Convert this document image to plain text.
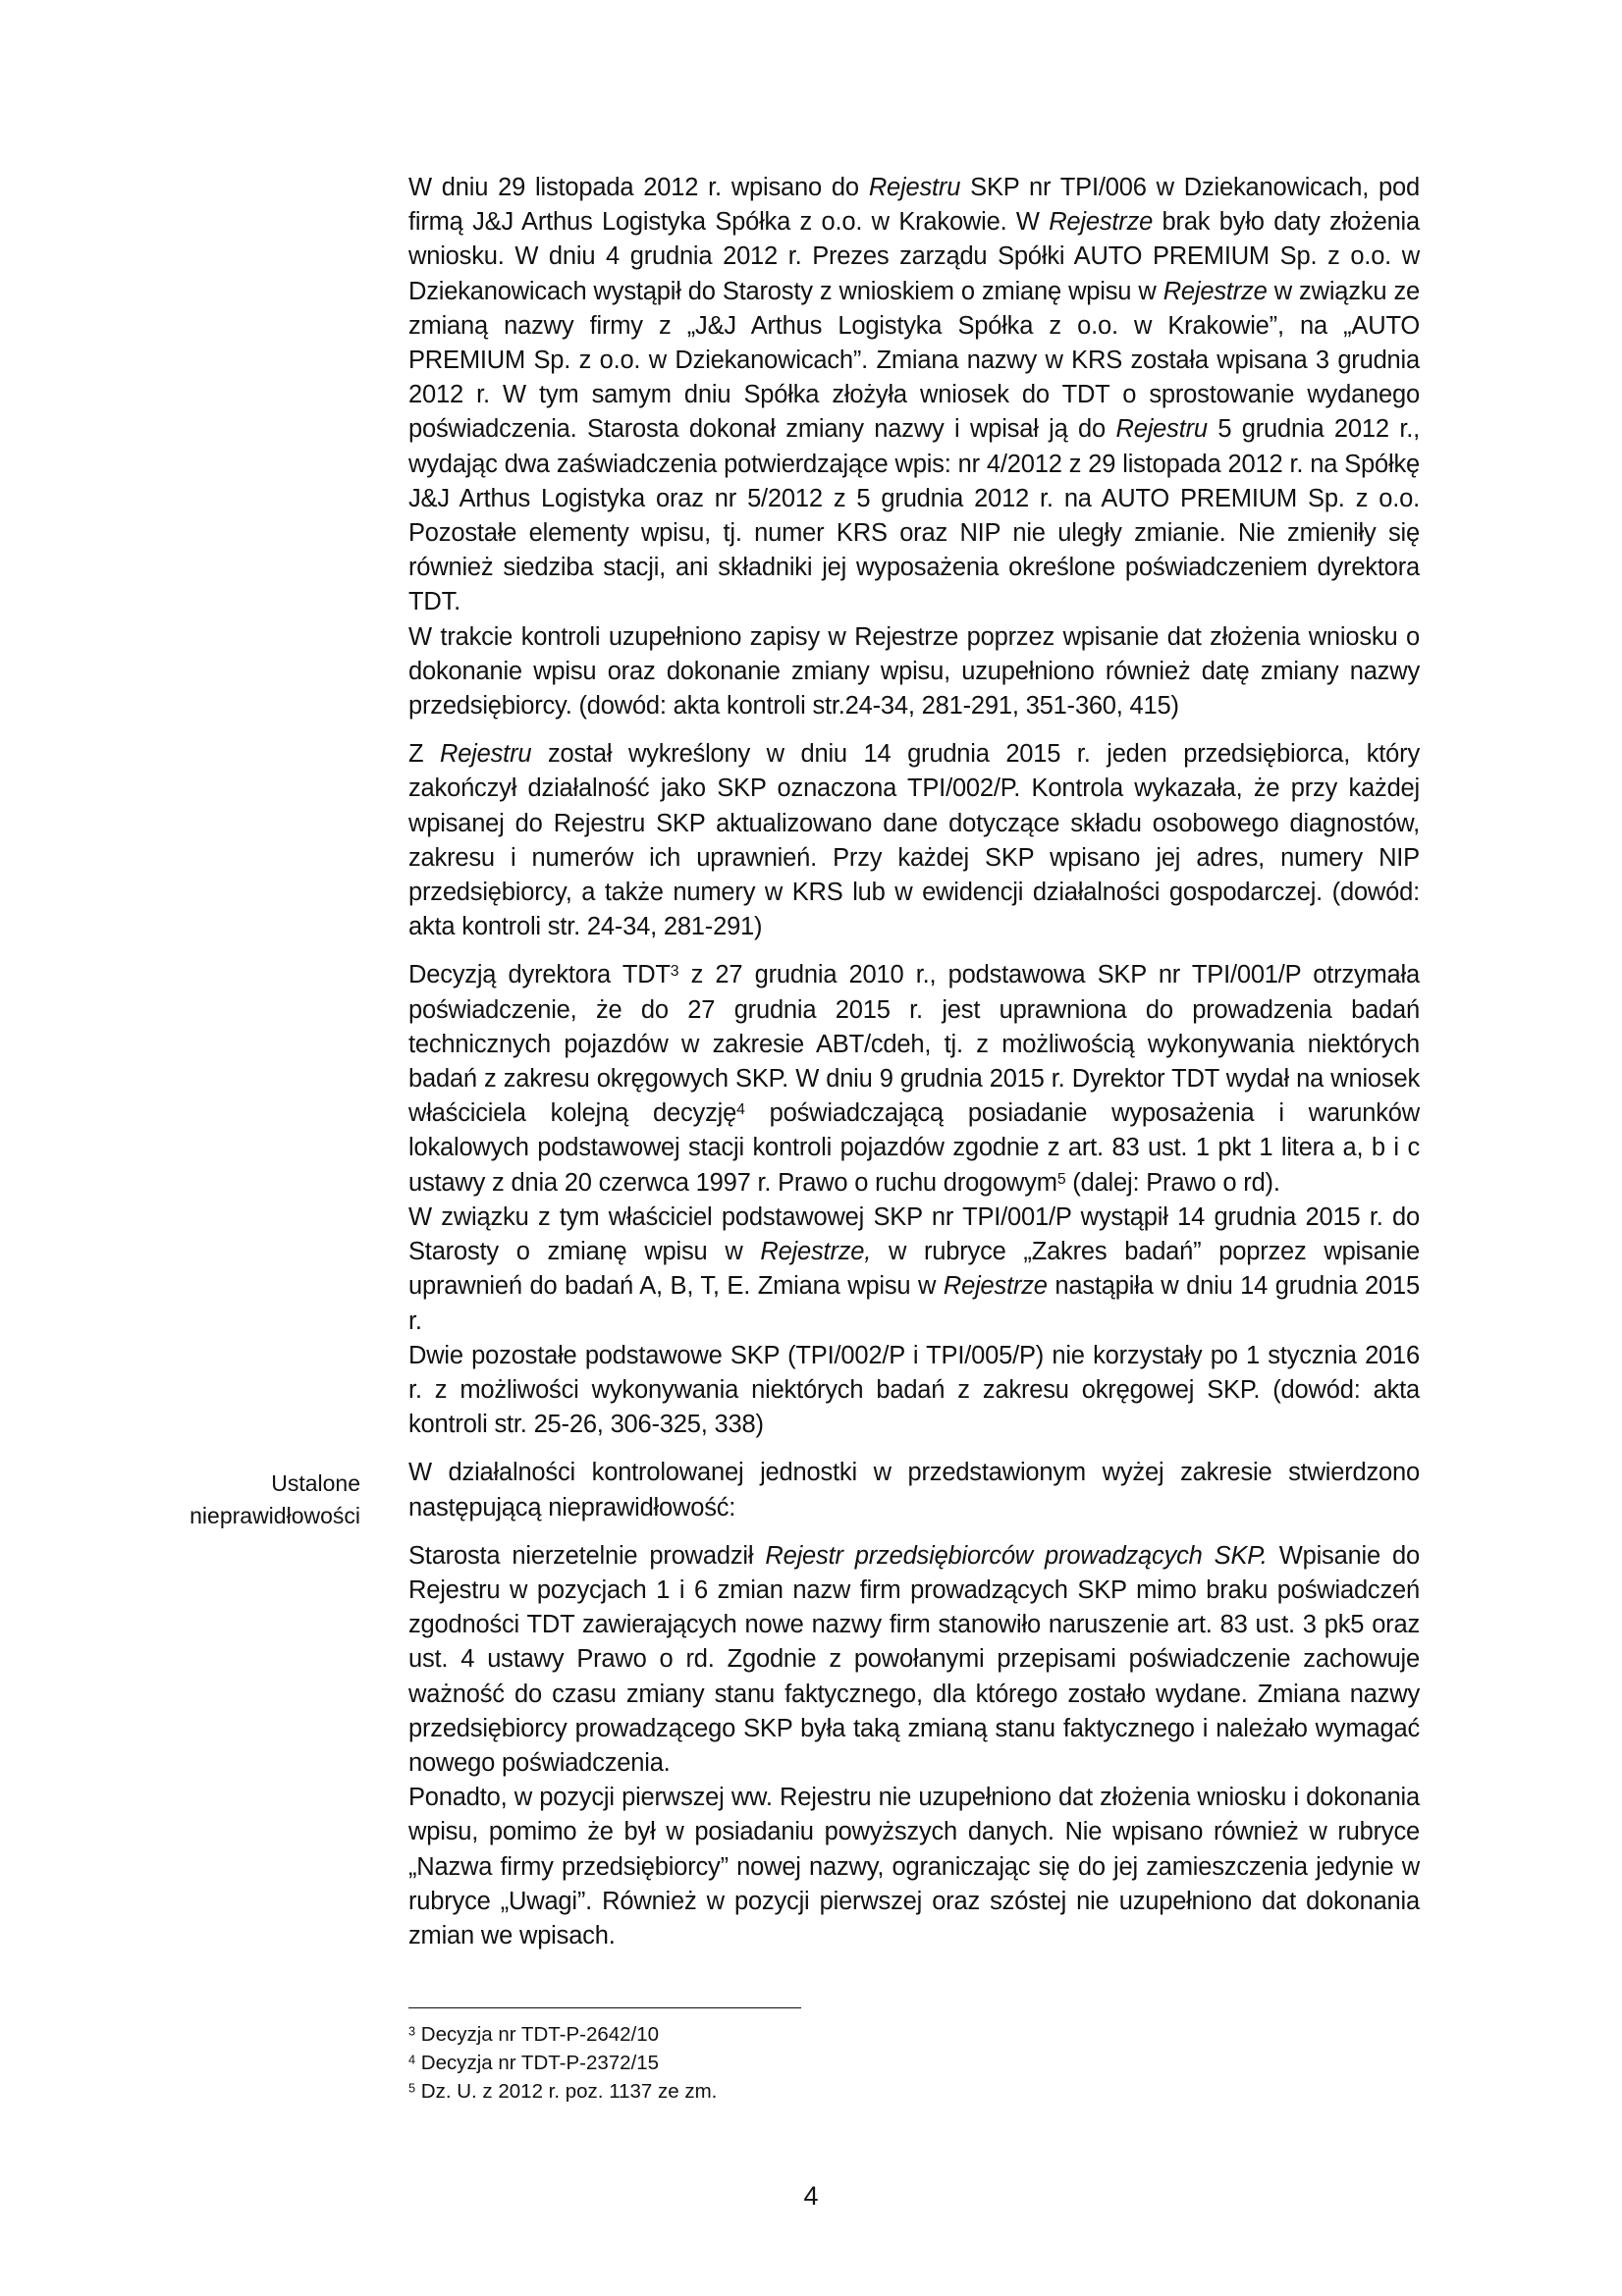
W dniu 29 listopada 2012 r. wpisano do Rejestru SKP nr TPI/006 w Dziekanowicach, pod firmą J&J Arthus Logistyka Spółka z o.o. w Krakowie. W Rejestrze brak było daty złożenia wniosku. W dniu 4 grudnia 2012 r. Prezes zarządu Spółki AUTO PREMIUM Sp. z o.o. w Dziekanowicach wystąpił do Starosty z wnioskiem o zmianę wpisu w Rejestrze w związku ze zmianą nazwy firmy z „J&J Arthus Logistyka Spółka z o.o. w Krakowie”, na „AUTO PREMIUM Sp. z o.o. w Dziekanowicach”. Zmiana nazwy w KRS została wpisana 3 grudnia 2012 r. W tym samym dniu Spółka złożyła wniosek do TDT o sprostowanie wydanego poświadczenia. Starosta dokonał zmiany nazwy i wpisał ją do Rejestru 5 grudnia 2012 r., wydając dwa zaświadczenia potwierdzające wpis: nr 4/2012 z 29 listopada 2012 r. na Spółkę J&J Arthus Logistyka oraz nr 5/2012 z 5 grudnia 2012 r. na AUTO PREMIUM Sp. z o.o. Pozostałe elementy wpisu, tj. numer KRS oraz NIP nie uległy zmianie. Nie zmieniły się również siedziba stacji, ani składniki jej wyposażenia określone poświadczeniem dyrektora TDT.

W trakcie kontroli uzupełniono zapisy w Rejestrze poprzez wpisanie dat złożenia wniosku o dokonanie wpisu oraz dokonanie zmiany wpisu, uzupełniono również datę zmiany nazwy przedsiębiorcy. (dowód: akta kontroli str.24-34, 281-291, 351-360, 415)

Z Rejestru został wykreślony w dniu 14 grudnia 2015 r. jeden przedsiębiorca, który zakończył działalność jako SKP oznaczona TPI/002/P. Kontrola wykazała, że przy każdej wpisanej do Rejestru SKP aktualizowano dane dotyczące składu osobowego diagnostów, zakresu i numerów ich uprawnień. Przy każdej SKP wpisano jej adres, numery NIP przedsiębiorcy, a także numery w KRS lub w ewidencji działalności gospodarczej. (dowód: akta kontroli str. 24-34, 281-291)

Decyzją dyrektora TDT$^3$ z 27 grudnia 2010 r., podstawowa SKP nr TPI/001/P otrzymała poświadczenie, że do 27 grudnia 2015 r. jest uprawniona do prowadzenia badań technicznych pojazdów w zakresie ABT/cdeh, tj. z możliwością wykonywania niektórych badań z zakresu okręgowych SKP. W dniu 9 grudnia 2015 r. Dyrektor TDT wydał na wniosek właściciela kolejną decyzję$^4$ poświadczającą posiadanie wyposażenia i warunków lokalowych podstawowej stacji kontroli pojazdów zgodnie z art. 83 ust. 1 pkt 1 litera a, b i c ustawy z dnia 20 czerwca 1997 r. Prawo o ruchu drogowym$^5$ (dalej: Prawo o rd).

W związku z tym właściciel podstawowej SKP nr TPI/001/P wystąpił 14 grudnia 2015 r. do Starosty o zmianę wpisu w Rejestrze, w rubryce „Zakres badań” poprzez wpisanie uprawnień do badań A, B, T, E. Zmiana wpisu w Rejestrze nastąpiła w dniu 14 grudnia 2015 r.

Dwie pozostałe podstawowe SKP (TPI/002/P i TPI/005/P) nie korzystały po 1 stycznia 2016 r. z możliwości wykonywania niektórych badań z zakresu okręgowej SKP. (dowód: akta kontroli str. 25-26, 306-325, 338)

W działalności kontrolowanej jednostki w przedstawionym wyżej zakresie stwierdzono następującą nieprawidłowość:

Starosta nierzetelnie prowadził Rejestr przedsiębiorców prowadzących SKP. Wpisanie do Rejestru w pozycjach 1 i 6 zmian nazw firm prowadzących SKP mimo braku poświadczeń zgodności TDT zawierających nowe nazwy firm stanowiło naruszenie art. 83 ust. 3 pk5 oraz ust. 4 ustawy Prawo o rd. Zgodnie z powołanymi przepisami poświadczenie zachowuje ważność do czasu zmiany stanu faktycznego, dla którego zostało wydane. Zmiana nazwy przedsiębiorcy prowadzącego SKP była taką zmianą stanu faktycznego i należało wymagać nowego poświadczenia.

Ponadto, w pozycji pierwszej ww. Rejestru nie uzupełniono dat złożenia wniosku i dokonania wpisu, pomimo że był w posiadaniu powyższych danych. Nie wpisano również w rubryce „Nazwa firmy przedsiębiorcy” nowej nazwy, ograniczając się do jej zamieszczenia jedynie w rubryce „Uwagi”. Również w pozycji pierwszej oraz szóstej nie uzupełniono dat dokonania zmian we wpisach.

Ustalone
nieprawidłowości
$^3$ Decyzja nr TDT-P-2642/10
$^4$ Decyzja nr TDT-P-2372/15
$^5$ Dz. U. z 2012 r. poz. 1137 ze zm.
4
